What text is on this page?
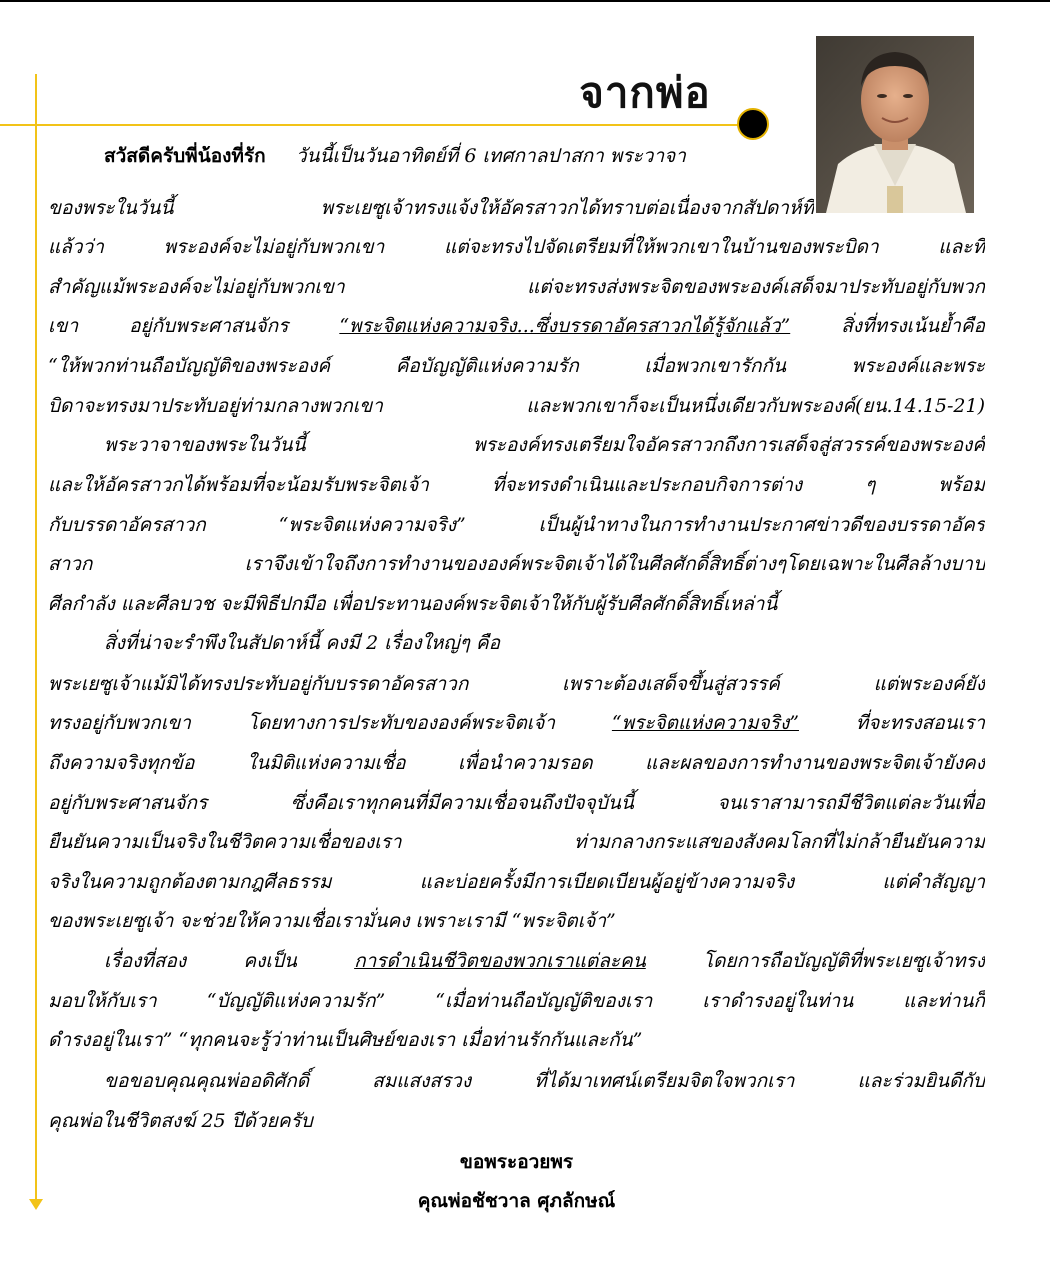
จากพ่อ
สวัสดีครับพี่น้องที่รัก วันนี้เป็นวันอาทิตย์ที่ 6 เทศกาลปาสกา พระวาจา
ของพระในวันนี้ พระเยซูเจ้าทรงแจ้งให้อัครสาวกได้ทราบต่อเนื่องจากสัปดาห์ที่
แล้วว่า พระองค์จะไม่อยู่กับพวกเขา แต่จะทรงไปจัดเตรียมที่ให้พวกเขาในบ้านของพระบิดา และที่
สำคัญแม้พระองค์จะไม่อยู่กับพวกเขา แต่จะทรงส่งพระจิตของพระองค์เสด็จมาประทับอยู่กับพวก
เขา อยู่กับพระศาสนจักร	“พระจิตแห่งความจริง...ซึ่งบรรดาอัครสาวกได้รู้จักแล้ว”	สิ่งที่ทรงเน้นย้ำคือ
“ให้พวกท่านถือบัญญัติของพระองค์ คือบัญญัติแห่งความรัก เมื่อพวกเขารักกัน พระองค์และพระ
บิดาจะทรงมาประทับอยู่ท่ามกลางพวกเขา และพวกเขาก็จะเป็นหนึ่งเดียวกับพระองค์(ยน.14.15-21)
พระวาจาของพระในวันนี้ พระองค์ทรงเตรียมใจอัครสาวกถึงการเสด็จสู่สวรรค์ของพระองค์
และให้อัครสาวกได้พร้อมที่จะน้อมรับพระจิตเจ้า ที่จะทรงดำเนินและประกอบกิจการต่าง ๆ พร้อม
กับบรรดาอัครสาวก “พระจิตแห่งความจริง” เป็นผู้นำทางในการทำงานประกาศข่าวดีของบรรดาอัคร
สาวก เราจึงเข้าใจถึงการทำงานขององค์พระจิตเจ้าได้ในศีลศักดิ์สิทธิ์ต่างๆโดยเฉพาะในศีลล้างบาป
ศีลกำลัง และศีลบวช จะมีพิธีปกมือ เพื่อประทานองค์พระจิตเจ้าให้กับผู้รับศีลศักดิ์สิทธิ์เหล่านี้
สิ่งที่น่าจะรำพึงในสัปดาห์นี้ คงมี 2 เรื่องใหญ่ๆ คือ
พระเยซูเจ้าแม้มิได้ทรงประทับอยู่กับบรรดาอัครสาวก เพราะต้องเสด็จขึ้นสู่สวรรค์ แต่พระองค์ยัง
ทรงอยู่กับพวกเขา โดยทางการประทับขององค์พระจิตเจ้า	“พระจิตแห่งความจริง”	ที่จะทรงสอนเรา
ถึงความจริงทุกข้อ ในมิติแห่งความเชื่อ เพื่อนำความรอด และผลของการทำงานของพระจิตเจ้ายังคง
อยู่กับพระศาสนจักร ซึ่งคือเราทุกคนที่มีความเชื่อจนถึงปัจจุบันนี้ จนเราสามารถมีชีวิตแต่ละวันเพื่อ
ยืนยันความเป็นจริงในชีวิตความเชื่อของเรา ท่ามกลางกระแสของสังคมโลกที่ไม่กล้ายืนยันความ
จริงในความถูกต้องตามกฎศีลธรรม และบ่อยครั้งมีการเบียดเบียนผู้อยู่ข้างความจริง แต่คำสัญญา
ของพระเยซูเจ้า จะช่วยให้ความเชื่อเรามั่นคง เพราะเรามี “พระจิตเจ้า”
เรื่องที่สอง คงเป็น	การดำเนินชีวิตของพวกเราแต่ละคน	โดยการถือบัญญัติที่พระเยซูเจ้าทรง
มอบให้กับเรา “บัญญัติแห่งความรัก” “เมื่อท่านถือบัญญัติของเรา เราดำรงอยู่ในท่าน และท่านก็
ดำรงอยู่ในเรา” “ทุกคนจะรู้ว่าท่านเป็นศิษย์ของเรา เมื่อท่านรักกันและกัน”
ขอขอบคุณคุณพ่ออดิศักดิ์ สมแสงสรวง ที่ได้มาเทศน์เตรียมจิตใจพวกเรา และร่วมยินดีกับ
คุณพ่อในชีวิตสงฆ์ 25 ปีด้วยครับ
ขอพระอวยพร
คุณพ่อชัชวาล ศุภลักษณ์
